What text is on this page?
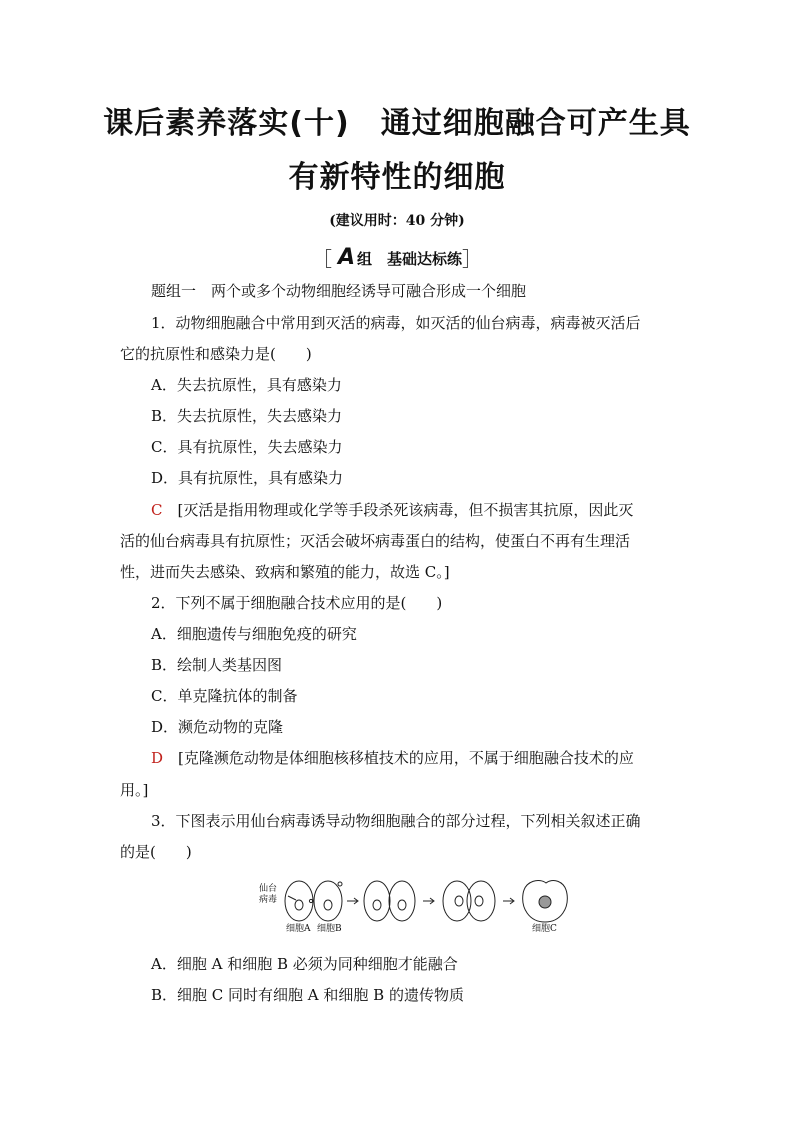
课后素养落实(十)　通过细胞融合可产生具
有新特性的细胞
(建议用时：40 分钟)
［ A 组　基础达标练］
题组一　两个或多个动物细胞经诱导可融合形成一个细胞
1．动物细胞融合中常用到灭活的病毒，如灭活的仙台病毒，病毒被灭活后
它的抗原性和感染力是(　　)
A．失去抗原性，具有感染力
B．失去抗原性，失去感染力
C．具有抗原性，失去感染力
D．具有抗原性，具有感染力
C　[灭活是指用物理或化学等手段杀死该病毒，但不损害其抗原，因此灭
活的仙台病毒具有抗原性；灭活会破坏病毒蛋白的结构，使蛋白不再有生理活
性，进而失去感染、致病和繁殖的能力，故选 C。]
2．下列不属于细胞融合技术应用的是(　　)
A．细胞遗传与细胞免疫的研究
B．绘制人类基因图
C．单克隆抗体的制备
D．濒危动物的克隆
D　[克隆濒危动物是体细胞核移植技术的应用，不属于细胞融合技术的应
用。]
3．下图表示用仙台病毒诱导动物细胞融合的部分过程，下列相关叙述正确
的是(　　)
仙台
病毒
细胞A 细胞B	细胞C
A．细胞 A 和细胞 B 必须为同种细胞才能融合
B．细胞 C 同时有细胞 A 和细胞 B 的遗传物质
